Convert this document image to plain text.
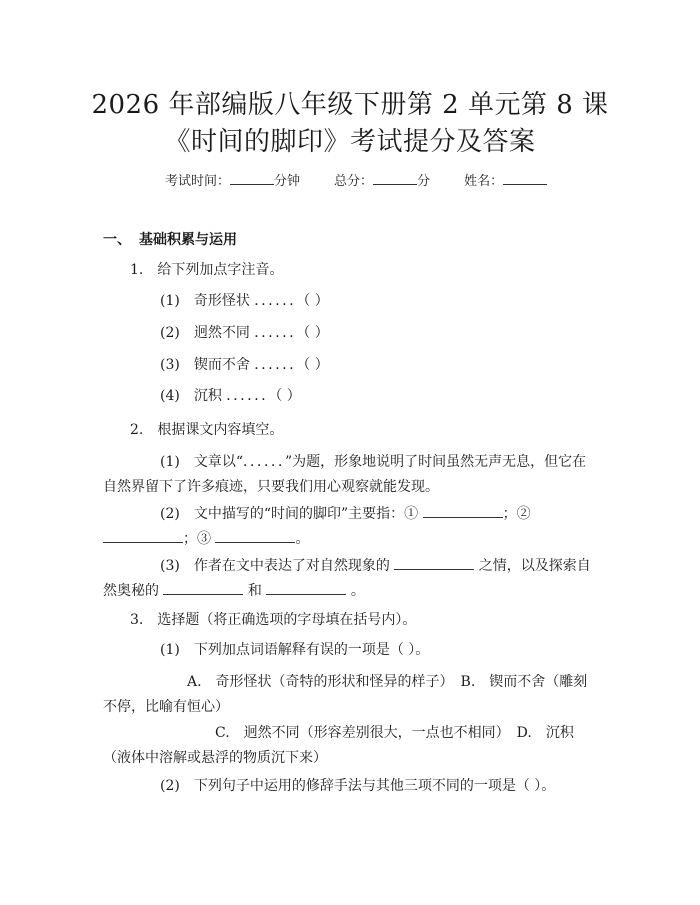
2026 年部编版八年级下册第 2 单元第 8 课
《时间的脚印》考试提分及答案
考试时间：	分钟	总分：	分	姓名：
一、 基础积累与运用
1.　给下列加点字注音。
(1)　奇形怪状 ．．．．．．（ ）
(2)　迥然不同 ．．．．．．（ ）
(3)　锲而不舍 ．．．．．．（ ）
(4)　沉积 ．．．．．．（ ）
2.　根据课文内容填空。
(1)　文章以“．．．．．．”为题，形象地说明了时间虽然无声无息，但它在自然界留下了许多痕迹，只要我们用心观察就能发现。
(2)　文中描写的“时间的脚印”主要指：①	；② ；③	。
(3)　作者在文中表达了对自然现象的	之情，以及探索自然奥秘的	和	。
3.　选择题（将正确选项的字母填在括号内）。
(1)　下列加点词语解释有误的一项是（ ）。
A.　奇形怪状（奇特的形状和怪异的样子）　B.　锲而不舍（雕刻不停，比喻有恒心）
C.　迥然不同（形容差别很大，一点也不相同）　D.　沉积（液体中溶解或悬浮的物质沉下来）
(2)　下列句子中运用的修辞手法与其他三项不同的一项是（ ）。
